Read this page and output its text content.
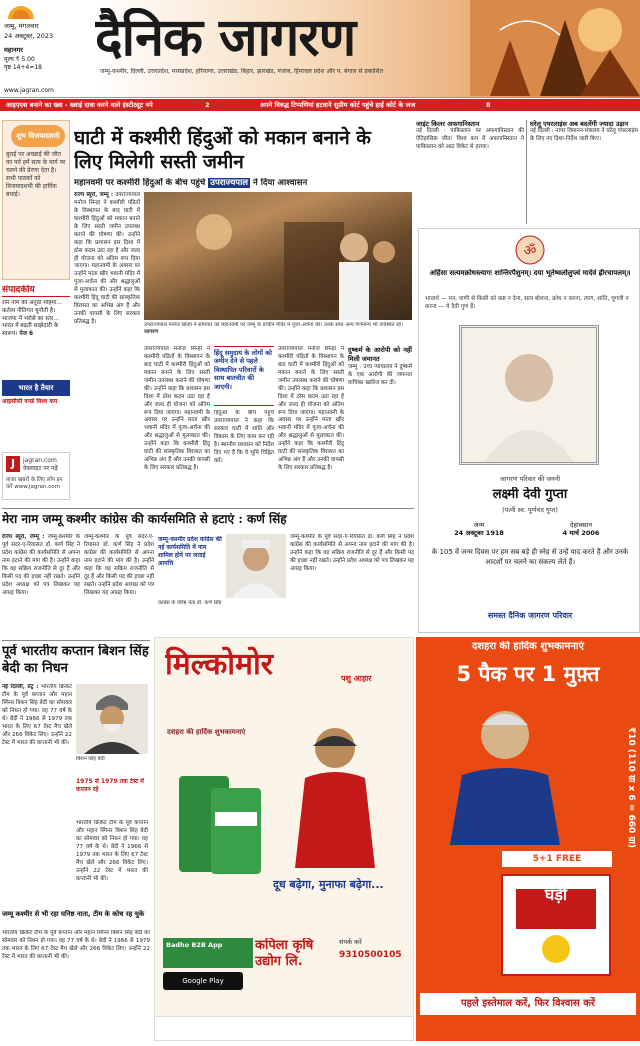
जम्मू, मंगलवार
24 अक्टूबर, 2023
महानगर
मूल्य ₹ 5.00
पृष्ठ 14+4=18
www.jagran.com
दैनिक जागरण
जम्मू-कश्मीर, दिल्ली, उत्तरप्रदेश, मध्यप्रदेश, हरियाणा, उत्तराखंड, बिहार, झारखंड, पंजाब, हिमाचल प्रदेश और प. बंगाल से प्रकाशित
आइएएस बनाने का ख्वा - ख्वाई दावा करने वाले इंस्टीट्यूट नपे	2	अपने विरुद्ध टिप्पणियां हटवाने सुप्रीम कोर्ट पहुंचे हाई कोर्ट के जज	8
शुभ विजयादशमी
बुराई पर अच्छाई की जीत का पर्व हमें सत्य के मार्ग पर चलने की प्रेरणा देता है। सभी पाठकों को विजयादशमी की हार्दिक बधाई।
संपादकीय
राम नाम की अनूठा महिमा... कर्तव्य नीतिगत चुनौती है। भाजपा में भरोसे का स्तर... भारत में बढ़ती साझेदारी के स्वरूप। पेज 6
भारत है तैयार
आइसीसी वनडे विश्व कप
J	jagran.com
वेबसाइट पर पढ़ें
ताजा खबरों के लिए लॉग इन करें www.jagran.com
घाटी में कश्मीरी हिंदुओं को मकान बनाने के लिए मिलेगी सस्ती जमीन
महानवमी पर कश्मीरी हिंदुओं के बीच पहुंचे उपराज्यपाल ने दिया आश्वासन
राज्य ब्यूरो, जम्मू : उपराज्यपाल मनोज सिन्हा ने कश्मीरी पंडितों के विस्थापन के बाद घाटी में कश्मीरी हिंदुओं को मकान बनाने के लिए सस्ती जमीन उपलब्ध कराने की घोषणा की। उन्होंने कहा कि प्रशासन इस दिशा में ठोस कदम उठा रहा है और जल्द ही योजना को अंतिम रूप दिया जाएगा। महानवमी के अवसर पर उन्होंने माता खीर भवानी मंदिर में पूजा-अर्चना की और श्रद्धालुओं से मुलाकात की। उन्होंने कहा कि कश्मीरी हिंदू घाटी की सांस्कृतिक विरासत का अभिन्न अंग हैं और उनकी वापसी के लिए सरकार प्रतिबद्ध है।	उपराज्यपाल मनोज सिन्हा ने सोमवार को महानवमी पर जम्मू के प्राचीन मंदिर में पूजा-अर्चना की। उनके साथ अन्य गणमान्य भी उपस्थित रहे। जागरण
उपराज्यपाल मनोज सिन्हा ने कश्मीरी पंडितों के विस्थापन के बाद घाटी में कश्मीरी हिंदुओं को मकान बनाने के लिए सस्ती जमीन उपलब्ध कराने की घोषणा की। उन्होंने कहा कि प्रशासन इस दिशा में ठोस कदम उठा रहा है और जल्द ही योजना को अंतिम रूप दिया जाएगा। महानवमी के अवसर पर उन्होंने माता खीर भवानी मंदिर में पूजा-अर्चना की और श्रद्धालुओं से मुलाकात की। उन्होंने कहा कि कश्मीरी हिंदू घाटी की सांस्कृतिक विरासत का अभिन्न अंग हैं और उनकी वापसी के लिए सरकार प्रतिबद्ध है।
हिंदू समुदाय के लोगों को जमीन देने से पहले विस्थापित परिवारों के साथ बातचीत की जाएगी।
हिंदुओं के बीच पहुंचे उपराज्यपाल ने कहा कि सरकार घाटी में शांति और विकास के लिए काम कर रही है। स्थानीय प्रशासन को निर्देश दिए गए हैं कि वे भूमि चिह्नित करें।
उपराज्यपाल मनोज सिन्हा ने कश्मीरी पंडितों के विस्थापन के बाद घाटी में कश्मीरी हिंदुओं को मकान बनाने के लिए सस्ती जमीन उपलब्ध कराने की घोषणा की। उन्होंने कहा कि प्रशासन इस दिशा में ठोस कदम उठा रहा है और जल्द ही योजना को अंतिम रूप दिया जाएगा। महानवमी के अवसर पर उन्होंने माता खीर भवानी मंदिर में पूजा-अर्चना की और श्रद्धालुओं से मुलाकात की। उन्होंने कहा कि कश्मीरी हिंदू घाटी की सांस्कृतिक विरासत का अभिन्न अंग हैं और उनकी वापसी के लिए सरकार प्रतिबद्ध है।
दुष्कर्म के आरोपी को नहीं मिली जमानत
जम्मू : उच्च न्यायालय ने दुष्कर्म के एक आरोपी की जमानत याचिका खारिज कर दी।
जाइंट किलर अफगानिस्तान
नई दिल्ली : पाकिस्तान पर अफगानिस्तान की ऐतिहासिक जीत। विश्व कप में अफगानिस्तान ने पाकिस्तान को आठ विकेट से हराया।
घरेलू एयरलाइंस अब बदलेंगी ज्यादा उड़ान
नई दिल्ली : नागर विमानन मंत्रालय ने घरेलू एयरलाइंस के लिए नए दिशा-निर्देश जारी किए।
ॐ
अहिंसा सत्यमक्रोधस्त्यागः शान्तिरपैशुनम्। दया भूतेष्वलोलुप्त्वं मार्दवं ह्रीरचापलम्॥
भावार्थ — मन, वाणी से किसी को कष्ट न देना, सत्य बोलना, क्रोध न करना, त्याग, शांति, चुगली न करना — ये दैवी गुण हैं।
जागरण परिवार की जननी
लक्ष्मी देवी गुप्ता
(पत्नी स्व. पूर्णचंद गुप्त)
जन्म
24 अक्टूबर 1918
देहावसान
4 मार्च 2006
के 105 वें जन्म दिवस पर हम सब बड़े ही स्नेह से उन्हें याद करते हैं और उनके आदर्शों पर चलने का संकल्प लेते हैं।
समस्त दैनिक जागरण परिवार
मेरा नाम जम्मू कश्मीर कांग्रेस की कार्यसमिति से हटाएं : कर्ण सिंह
राज्य ब्यूरो, जम्मू : जम्मू-कश्मीर के पूर्व सदर-ए-रियासत डॉ. कर्ण सिंह ने प्रदेश कांग्रेस की कार्यसमिति से अपना नाम हटाने की मांग की है। उन्होंने कहा कि वह सक्रिय राजनीति से दूर हैं और किसी पद की इच्छा नहीं रखते। उन्होंने प्रदेश अध्यक्ष को पत्र लिखकर यह आग्रह किया।
जम्मू-कश्मीर के पूर्व सदर-ए-रियासत डॉ. कर्ण सिंह ने प्रदेश कांग्रेस की कार्यसमिति से अपना नाम हटाने की मांग की है। उन्होंने कहा कि वह सक्रिय राजनीति से दूर हैं और किसी पद की इच्छा नहीं रखते। उन्होंने प्रदेश अध्यक्ष को पत्र लिखकर यह आग्रह किया।
जम्मू-कश्मीर प्रदेश कांग्रेस की नई कार्यसमिति में नाम शामिल होने पर जताई आपत्ति
कांग्रेस के वरिष्ठ नेता डॉ. कर्ण सिंह
जम्मू-कश्मीर के पूर्व सदर-ए-रियासत डॉ. कर्ण सिंह ने प्रदेश कांग्रेस की कार्यसमिति से अपना नाम हटाने की मांग की है। उन्होंने कहा कि वह सक्रिय राजनीति से दूर हैं और किसी पद की इच्छा नहीं रखते। उन्होंने प्रदेश अध्यक्ष को पत्र लिखकर यह आग्रह किया।
पूर्व भारतीय कप्तान बिशन सिंह बेदी का निधन
नई दिल्ली, प्रेट्र : भारतीय क्रिकेट टीम के पूर्व कप्तान और महान स्पिनर बिशन सिंह बेदी का सोमवार को निधन हो गया। वह 77 वर्ष के थे। बेदी ने 1966 से 1979 तक भारत के लिए 67 टेस्ट मैच खेले और 266 विकेट लिए। उन्होंने 22 टेस्ट में भारत की कप्तानी भी की।
बिशन सिंह बेदी
1975 से 1979 तक टेस्ट में कप्तान रहे
भारतीय क्रिकेट टीम के पूर्व कप्तान और महान स्पिनर बिशन सिंह बेदी का सोमवार को निधन हो गया। वह 77 वर्ष के थे। बेदी ने 1966 से 1979 तक भारत के लिए 67 टेस्ट मैच खेले और 266 विकेट लिए। उन्होंने 22 टेस्ट में भारत की कप्तानी भी की।
जम्मू कश्मीर से भी रहा घनिष्ठ नाता, टीम के कोच रह चुके
भारतीय क्रिकेट टीम के पूर्व कप्तान और महान स्पिनर बिशन सिंह बेदी का सोमवार को निधन हो गया। वह 77 वर्ष के थे। बेदी ने 1966 से 1979 तक भारत के लिए 67 टेस्ट मैच खेले और 266 विकेट लिए। उन्होंने 22 टेस्ट में भारत की कप्तानी भी की।
मिल्कोमोर	पशु आहार
दशहरा की हार्दिक शुभकामनाएं
दूध बढ़ेगा, मुनाफा बढ़ेगा...
Badho B2B App
Google Play
कपिला कृषि उद्योग लि.
संपर्क करें
9310500105
दशहरा की हार्दिक शुभकामनाएं
5 पैक पर 1 मुफ़्त
5+1 FREE
घड़ी
₹10 (110 ग्रा x 6 = 660 ग्रा)
पहले इस्तेमाल करें, फिर विश्वास करें
